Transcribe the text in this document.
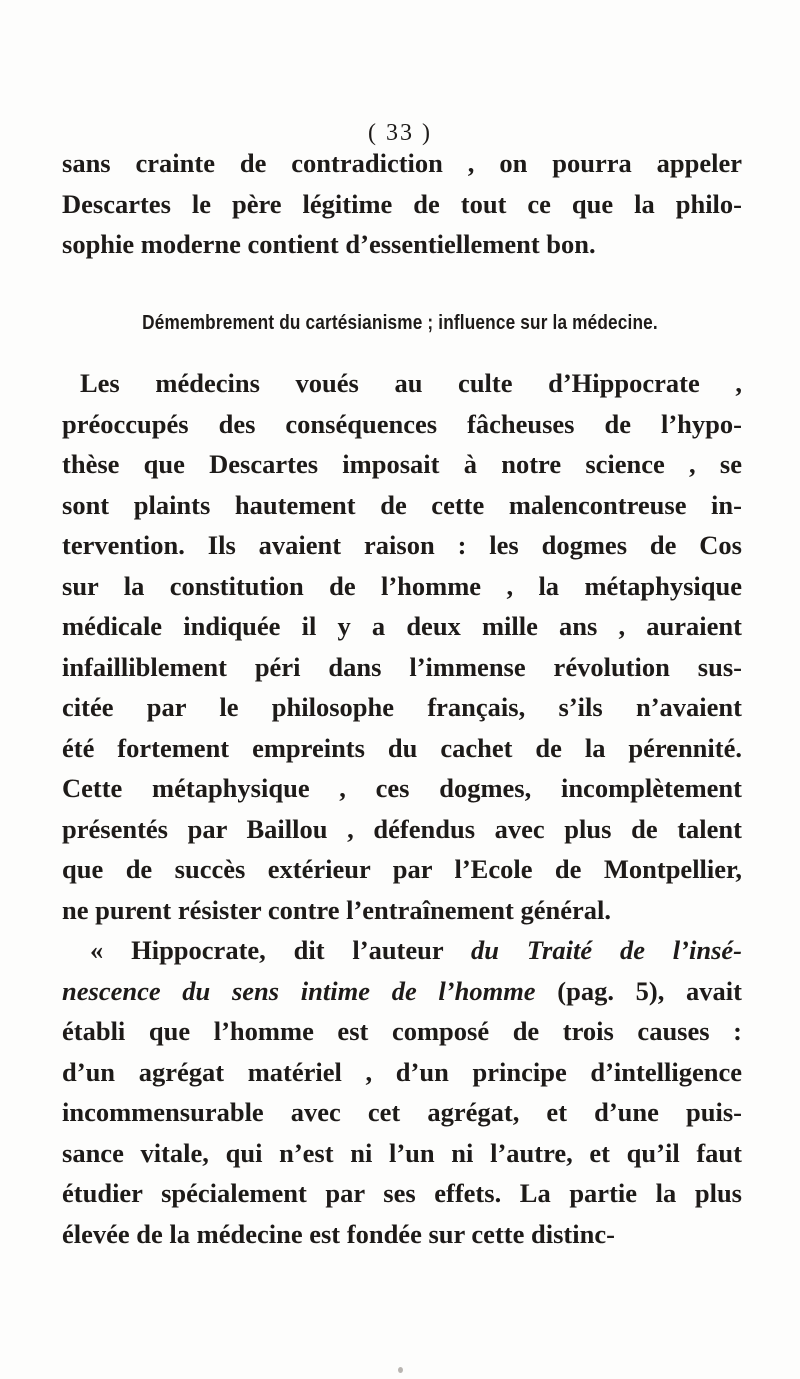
( 33 )
sans crainte de contradiction , on pourra appeler
Descartes le père légitime de tout ce que la philo-
sophie moderne contient d’essentiellement bon.
Démembrement du cartésianisme ; influence sur la médecine.
Les médecins voués au culte d’Hippocrate ,
préoccupés des conséquences fâcheuses de l’hypo-
thèse que Descartes imposait à notre science , se
sont plaints hautement de cette malencontreuse in-
tervention. Ils avaient raison : les dogmes de Cos
sur la constitution de l’homme , la métaphysique
médicale indiquée il y a deux mille ans , auraient
infailliblement péri dans l’immense révolution sus-
citée par le philosophe français, s’ils n’avaient
été fortement empreints du cachet de la pérennité.
Cette métaphysique , ces dogmes, incomplètement
présentés par Baillou , défendus avec plus de talent
que de succès extérieur par l’Ecole de Montpellier,
ne purent résister contre l’entraînement général.
« Hippocrate, dit l’auteur du Traité de l’insé-
nescence du sens intime de l’homme (pag. 5), avait
établi que l’homme est composé de trois causes :
d’un agrégat matériel , d’un principe d’intelligence
incommensurable avec cet agrégat, et d’une puis-
sance vitale, qui n’est ni l’un ni l’autre, et qu’il faut
étudier spécialement par ses effets. La partie la plus
élevée de la médecine est fondée sur cette distinc-
